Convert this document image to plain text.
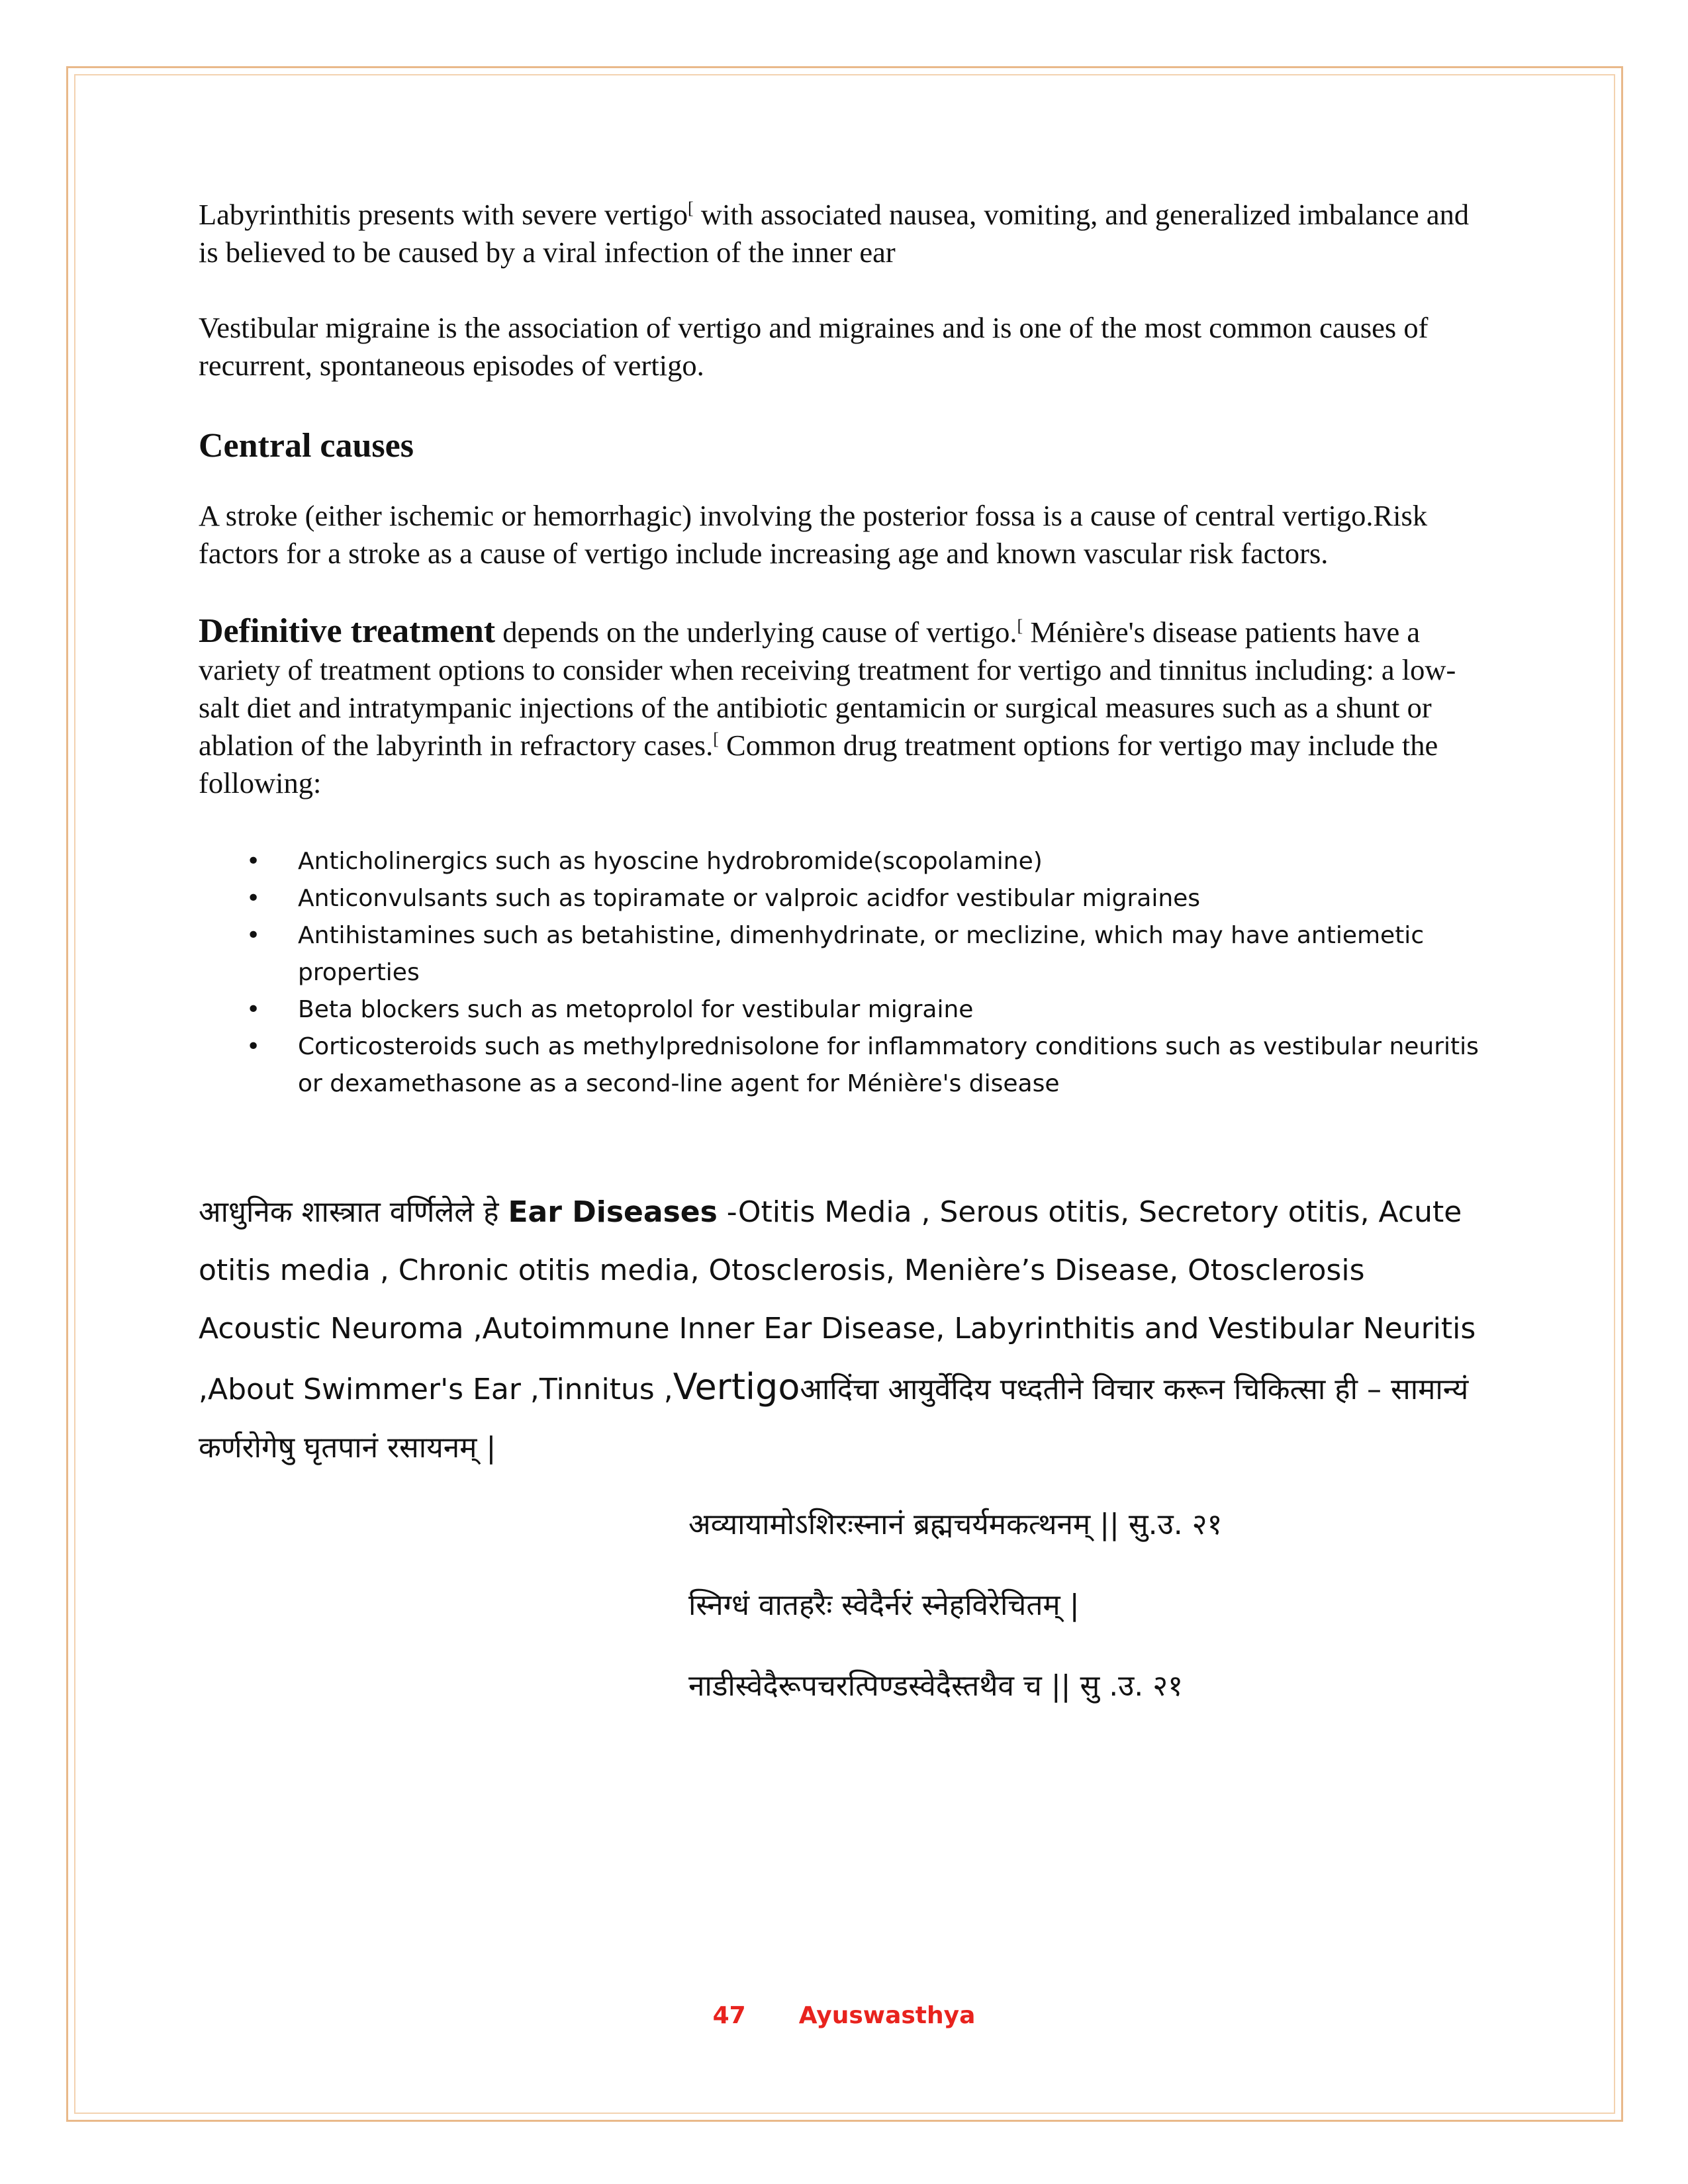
Labyrinthitis presents with severe vertigo[ with associated nausea, vomiting, and generalized imbalance and is believed to be caused by a viral infection of the inner ear

Vestibular migraine is the association of vertigo and migraines and is one of the most common causes of recurrent, spontaneous episodes of vertigo.

Central causes

A stroke (either ischemic or hemorrhagic) involving the posterior fossa is a cause of central vertigo.Risk factors for a stroke as a cause of vertigo include increasing age and known vascular risk factors.

Definitive treatment depends on the underlying cause of vertigo.[ Ménière's disease patients have a variety of treatment options to consider when receiving treatment for vertigo and tinnitus including: a low-salt diet and intratympanic injections of the antibiotic gentamicin or surgical measures such as a shunt or ablation of the labyrinth in refractory cases.[ Common drug treatment options for vertigo may include the following:

• Anticholinergics such as hyoscine hydrobromide(scopolamine)
• Anticonvulsants such as topiramate or valproic acidfor vestibular migraines
• Antihistamines such as betahistine, dimenhydrinate, or meclizine, which may have antiemetic properties
• Beta blockers such as metoprolol for vestibular migraine
• Corticosteroids such as methylprednisolone for inflammatory conditions such as vestibular neuritis or dexamethasone as a second-line agent for Ménière's disease

आधुनिक शास्त्रात वर्णिलेले हे Ear Diseases -Otitis Media , Serous otitis, Secretory otitis, Acute otitis media , Chronic otitis media, Otosclerosis, Menière’s Disease, Otosclerosis Acoustic Neuroma ,Autoimmune Inner Ear Disease, Labyrinthitis and Vestibular Neuritis ,About Swimmer's Ear ,Tinnitus ,Vertigoआदिंचा आयुर्वेदिय पध्दतीने विचार करून चिकित्सा ही – सामान्यं कर्णरोगेषु घृतपानं रसायनम् |

अव्यायामोऽशिरःस्नानं ब्रह्मचर्यमकत्थनम् || सु.उ. २१

स्निग्धं वातहरैः स्वेदैर्नरं स्नेहविरेचितम् |

नाडीस्वेदैरूपचरत्पिण्डस्वेदैस्तथैव च || सु .उ. २१

47 Ayuswasthya
